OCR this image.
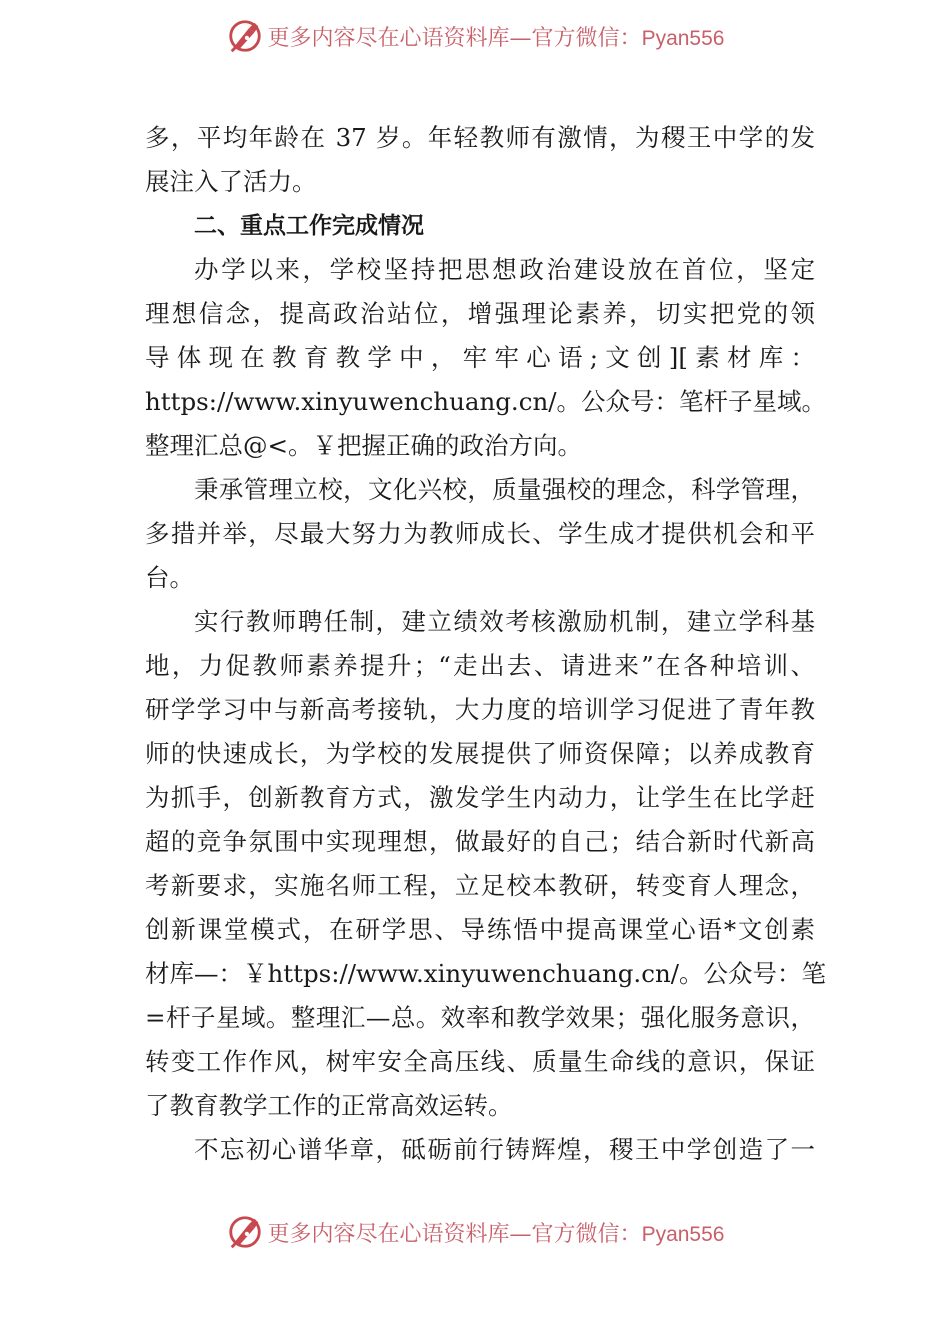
更多内容尽在心语资料库—官方微信：Pyan556

多，平均年龄在 37 岁。年轻教师有激情，为稷王中学的发
展注入了活力。

二、重点工作完成情况

办学以来，学校坚持把思想政治建设放在首位，坚定
理想信念，提高政治站位，增强理论素养，切实把党的领
导体现在教育教学中，牢牢心语;文创][素材库：
https://www.xinyuwenchuang.cn/。公众号：笔杆子星域。
整理汇总@<。￥把握正确的政治方向。

秉承管理立校，文化兴校，质量强校的理念，科学管理，
多措并举，尽最大努力为教师成长、学生成才提供机会和平
台。

实行教师聘任制，建立绩效考核激励机制，建立学科基
地，力促教师素养提升；“走出去、请进来”在各种培训、
研学学习中与新高考接轨，大力度的培训学习促进了青年教
师的快速成长，为学校的发展提供了师资保障；以养成教育
为抓手，创新教育方式，激发学生内动力，让学生在比学赶
超的竞争氛围中实现理想，做最好的自己；结合新时代新高
考新要求，实施名师工程，立足校本教研，转变育人理念，
创新课堂模式，在研学思、导练悟中提高课堂心语*文创素
材库—：￥https://www.xinyuwenchuang.cn/。公众号：笔
=杆子星域。整理汇—总。效率和教学效果；强化服务意识，
转变工作作风，树牢安全高压线、质量生命线的意识，保证
了教育教学工作的正常高效运转。

不忘初心谱华章，砥砺前行铸辉煌，稷王中学创造了一

更多内容尽在心语资料库—官方微信：Pyan556
